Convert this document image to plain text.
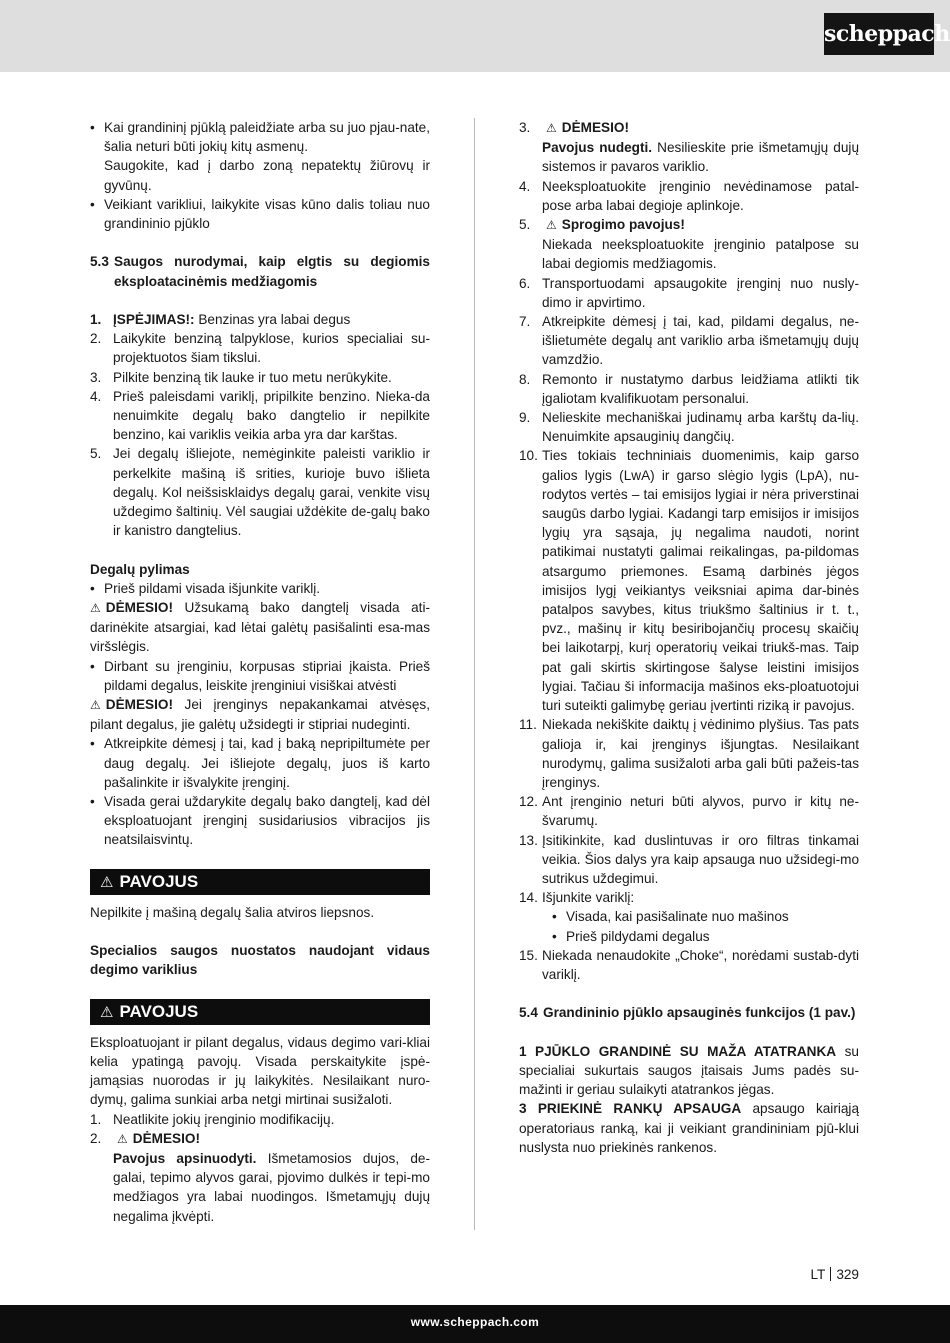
scheppach
• Kai grandininį pjūklą paleidžiate arba su juo pjau-nate, šalia neturi būti jokių kitų asmenų.
Saugokite, kad į darbo zoną nepatektų žiūrovų ir gyvūnų.
• Veikiant varikliui, laikykite visas kūno dalis toliau nuo grandininio pjūklo
5.3 Saugos nurodymai, kaip elgtis su degiomis eksploatacinėmis medžiagomis
1. ĮSPĖJIMAS!: Benzinas yra labai degus
2. Laikykite benziną talpyklose, kurios specialiai su-projektuotos šiam tikslui.
3. Pilkite benziną tik lauke ir tuo metu nerūkykite.
4. Prieš paleisdami variklį, pripilkite benzino. Nieka-da nenuimkite degalų bako dangtelio ir nepilkite benzino, kai variklis veikia arba yra dar karštas.
5. Jei degalų išliejote, nemėginkite paleisti variklio ir perkelkite mašiną iš srities, kurioje buvo išlieta degalų. Kol neišsisklaidys degalų garai, venkite visų uždegimo šaltinių. Vėl saugiai uždėkite de-galų bako ir kanistro dangtelius.

Degalų pylimas

• Prieš pildami visada išjunkite variklį.

⚠ DĖMESIO! Užsukamą bako dangtelį visada ati-darinėkite atsargiai, kad lėtai galėtų pasišalinti esa-mas viršslėgis.

• Dirbant su įrenginiu, korpusas stipriai įkaista. Prieš pildami degalus, leiskite įrenginiui visiškai atvėsti

⚠ DĖMESIO! Jei įrenginys nepakankamai atvėsęs, pilant degalus, jie galėtų užsidegti ir stipriai nudeginti.

• Atkreipkite dėmesį į tai, kad į baką nepripiltumėte per daug degalų. Jei išliejote degalų, juos iš karto pašalinkite ir išvalykite įrenginį.
• Visada gerai uždarykite degalų bako dangtelį, kad dėl eksploatuojant įrenginį susidariusios vibracijos jis neatsilaisvintų.
⚠ PAVOJUS

Nepilkite į mašiną degalų šalia atviros liepsnos.

Specialios saugos nuostatos naudojant vidaus degimo variklius

⚠ PAVOJUS

Eksploatuojant ir pilant degalus, vidaus degimo vari-kliai kelia ypatingą pavojų. Visada perskaitykite įspė-jamąsias nuorodas ir jų laikykitės. Nesilaikant nuro-dymų, galima sunkiai arba netgi mirtinai susižaloti.

1. Neatlikite jokių įrenginio modifikacijų.
2.	⚠ DĖMESIO!
Pavojus apsinuodyti. Išmetamosios dujos, de-galai, tepimo alyvos garai, pjovimo dulkės ir tepi-mo medžiagos yra labai nuodingos. Išmetamųjų dujų negalima įkvėpti.
3.	⚠ DĖMESIO!
Pavojus nudegti. Nesilieskite prie išmetamųjų dujų sistemos ir pavaros variklio.
4. Neeksploatuokite įrenginio nevėdinamose patal-pose arba labai degioje aplinkoje.
5.	⚠ Sprogimo pavojus!
Niekada neeksploatuokite įrenginio patalpose su labai degiomis medžiagomis.
6. Transportuodami apsaugokite įrenginį nuo nusly-dimo ir apvirtimo.
7. Atkreipkite dėmesį į tai, kad, pildami degalus, ne-išlietumėte degalų ant variklio arba išmetamųjų dujų vamzdžio.
8. Remonto ir nustatymo darbus leidžiama atlikti tik įgaliotam kvalifikuotam personalui.
9. Nelieskite mechaniškai judinamų arba karštų da-lių. Nenuimkite apsauginių dangčių.
10. Ties tokiais techniniais duomenimis, kaip garso galios lygis (LwA) ir garso slėgio lygis (LpA), nu-rodytos vertės – tai emisijos lygiai ir nėra priverstinai saugūs darbo lygiai. Kadangi tarp emisijos ir imisijos lygių yra sąsaja, jų negalima naudoti, norint patikimai nustatyti galimai reikalingas, pa-pildomas atsargumo priemones. Esamą darbinės jėgos imisijos lygį veikiantys veiksniai apima dar-binės patalpos savybes, kitus triukšmo šaltinius ir t. t., pvz., mašinų ir kitų besiribojančių procesų skaičių bei laikotarpį, kurį operatorių veikai triukš-mas. Taip pat gali skirtis skirtingose šalyse leistini imisijos lygiai. Tačiau ši informacija mašinos eks-ploatuotojui turi suteikti galimybę geriau įvertinti riziką ir pavojus.
11. Niekada nekiškite daiktų į vėdinimo plyšius. Tas pats galioja ir, kai įrenginys išjungtas. Nesilaikant nurodymų, galima susižaloti arba gali būti pažeis-tas įrenginys.
12. Ant įrenginio neturi būti alyvos, purvo ir kitų ne-švarumų.
13. Įsitikinkite, kad duslintuvas ir oro filtras tinkamai veikia. Šios dalys yra kaip apsauga nuo užsidegi-mo sutrikus uždegimui.
14. Išjunkite variklį:
• Visada, kai pasišalinate nuo mašinos
• Prieš pildydami degalus
15. Niekada nenaudokite „Choke“, norėdami sustab-dyti variklį.
5.4 Grandininio pjūklo apsauginės funkcijos (1 pav.)

1 PJŪKLO GRANDINĖ SU MAŽA ATATRANKA su specialiai sukurtais saugos įtaisais Jums padės su-mažinti ir geriau sulaikyti atatrankos jėgas.

3 PRIEKINĖ RANKŲ APSAUGA apsaugo kairiąją operatoriaus ranką, kai ji veikiant grandininiam pjū-klui nuslysta nuo priekinės rankenos.

LT 329
www.scheppach.com
